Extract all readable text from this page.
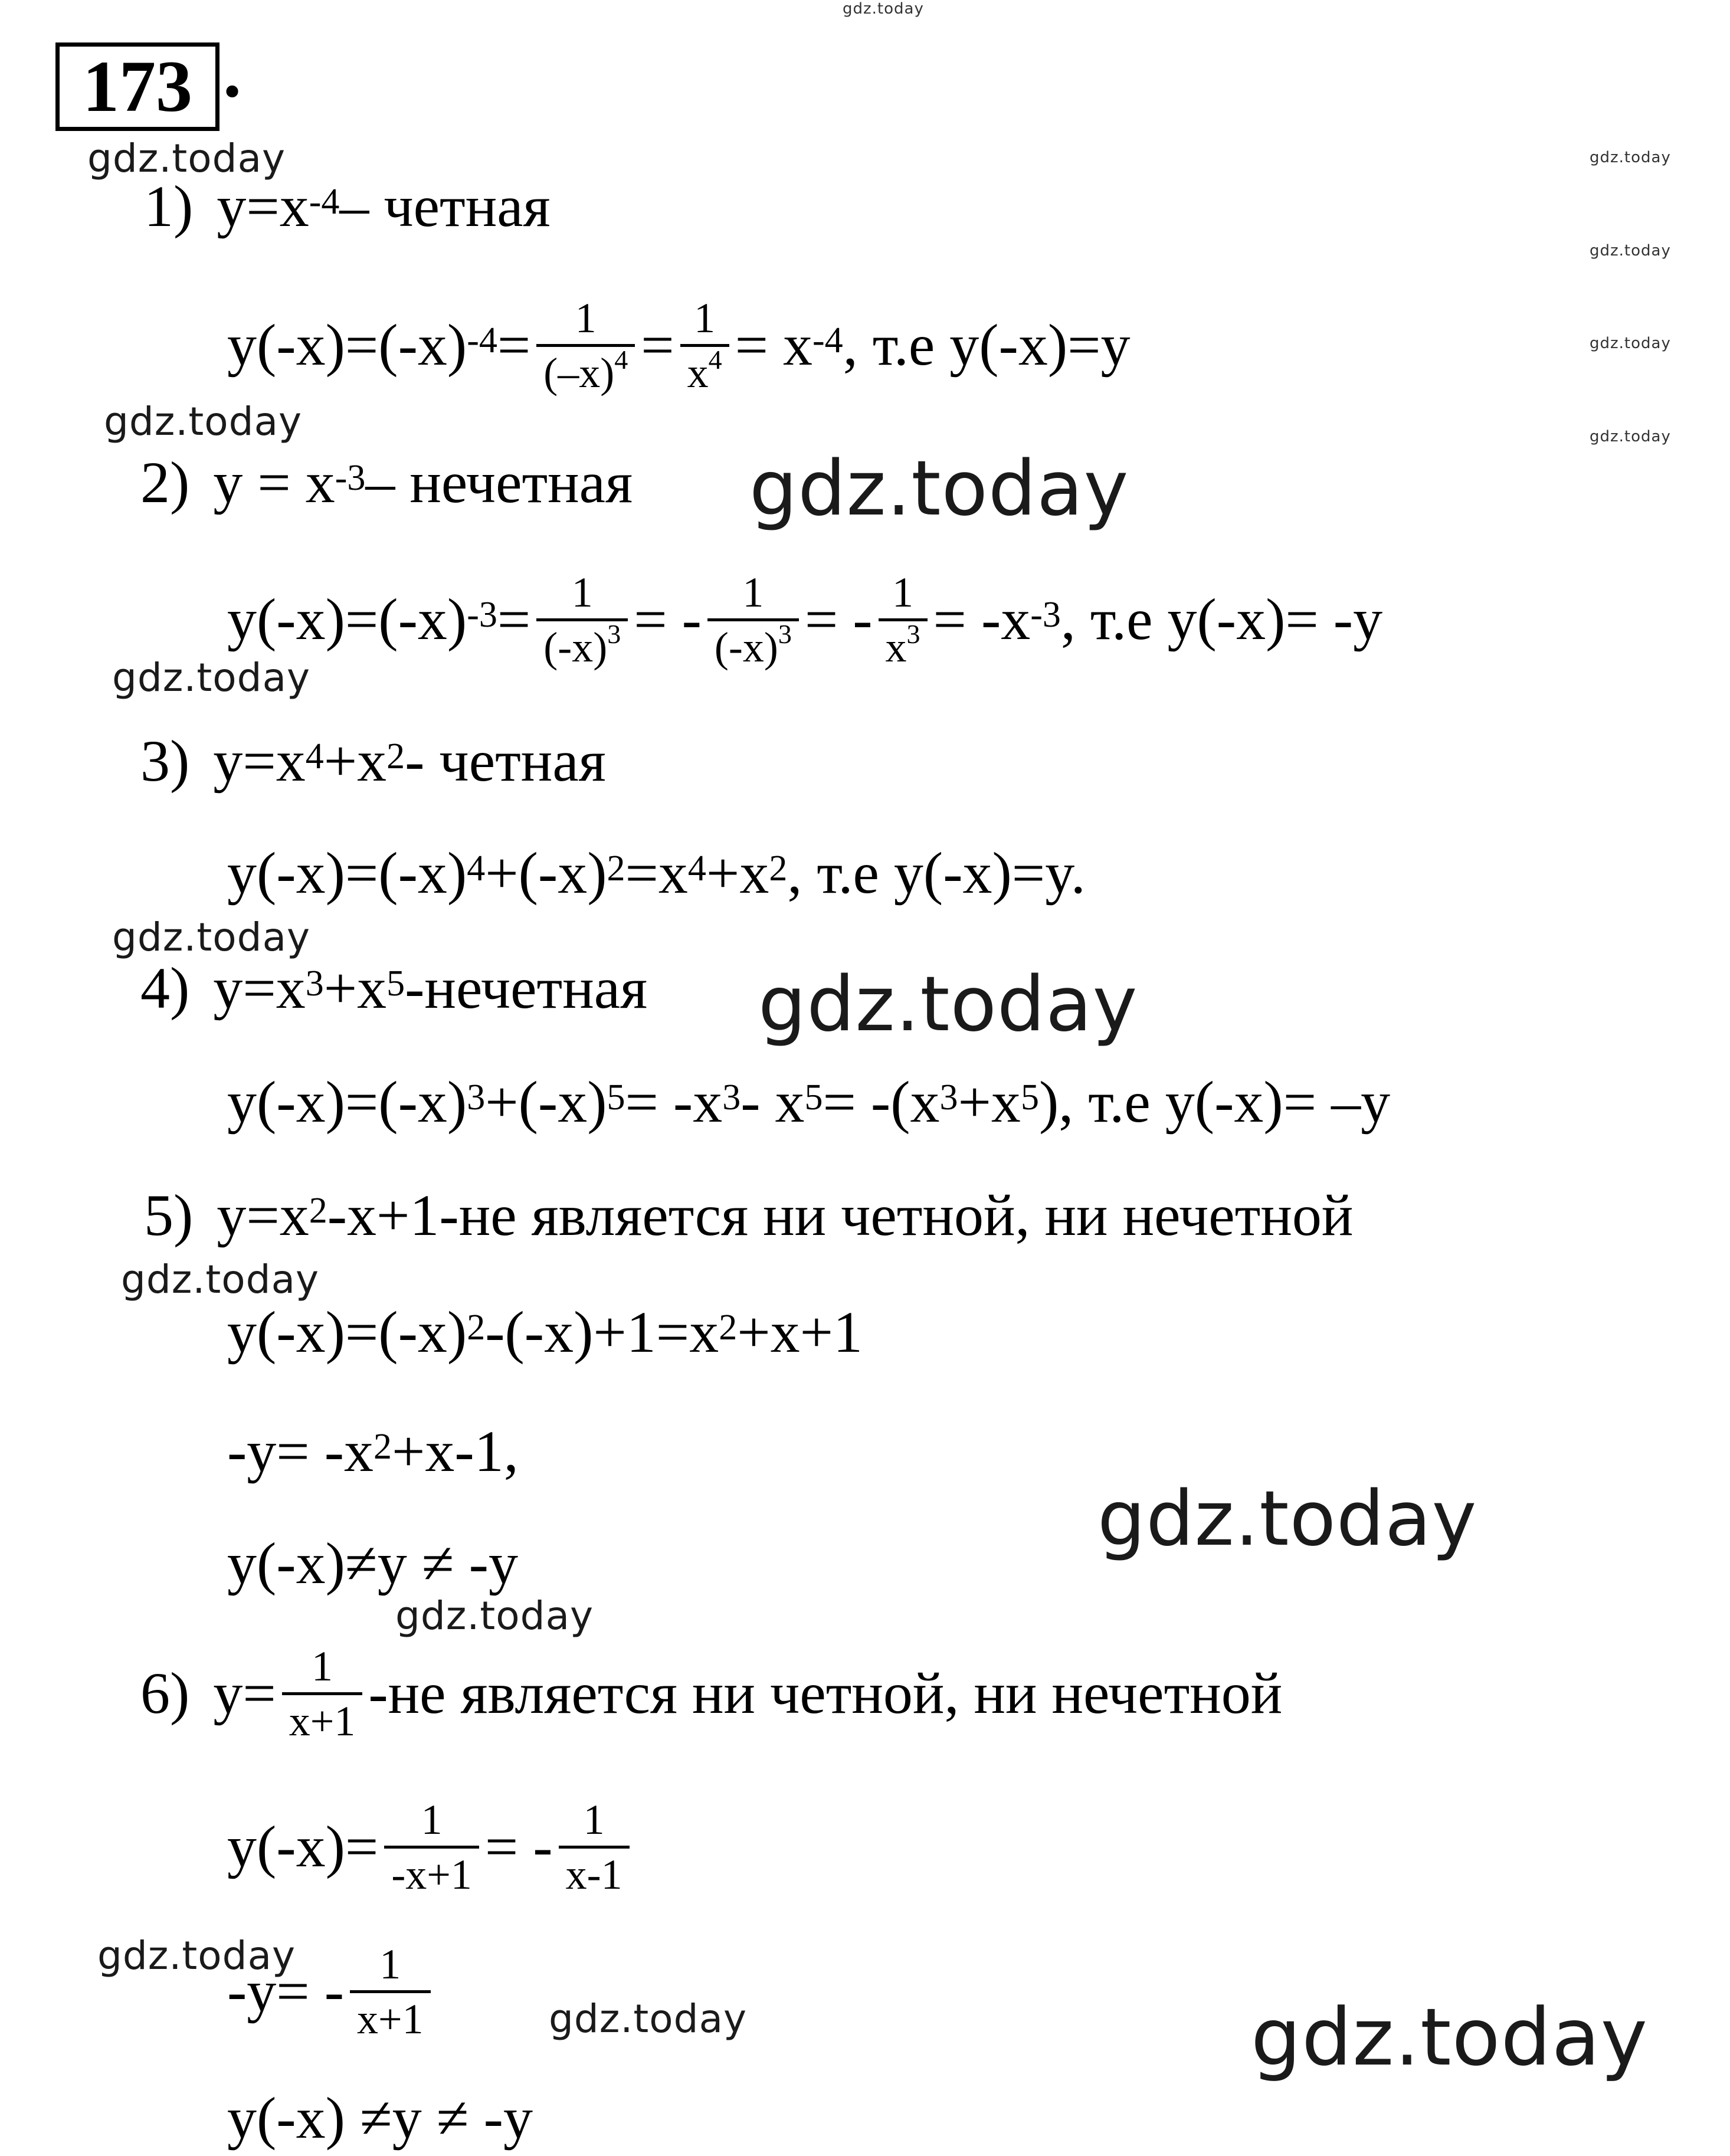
gdz.today
173 .
gdz.today
gdz.today
gdz.today
gdz.today
gdz.today
gdz.today
gdz.today
gdz.today
gdz.today
gdz.today
gdz.today
gdz.today
gdz.today
gdz.today
gdz.today
gdz.today
1) $y=x^{-4}$ – четная
$y(-x)=(-x)^{-4} = \frac{1}{(-x)^4} = \frac{1}{x^4} = x^{-4}$ , т.е y(-x)=y
2) $y = x^{-3}$ – нечетная
$y(-x)=(-x)^{-3} = \frac{1}{(-x)^3}$ = - $\frac{1}{(-x)^3}$ = - $\frac{1}{x^3} = -x^{-3}$ , т.е y(-x)= -y
3) $y=x^4 +x^2$ - четная
$y(-x)=(-x)^4 +(-x)^2 =x^4 +x^2$ , т.е y(-x)=y.
4) $y=x^3 +x^5$ -нечетная
$y(-x)=(-x)^3 +(-x)^5 = -x^3 - x^5 = -(x^3 +x^5$ ), т.е y(-x)= –y
5) $y=x^2$ -x+1-не является ни четной, ни нечетной
$y(-x)=(-x)^2$ $-(-x)+1=x^2 +x+1$
$-y= -x^2 +x-1$,
y(-x)≠y ≠ -y
6) $y= \frac{1}{x+1} -не$ является ни четной, ни нечетной
$y(-x)= \frac{1}{-x+1}$ = - $\frac{1}{x-1}$
$-y= - \frac{1}{x+1}$
y(-x) ≠y ≠ -y
